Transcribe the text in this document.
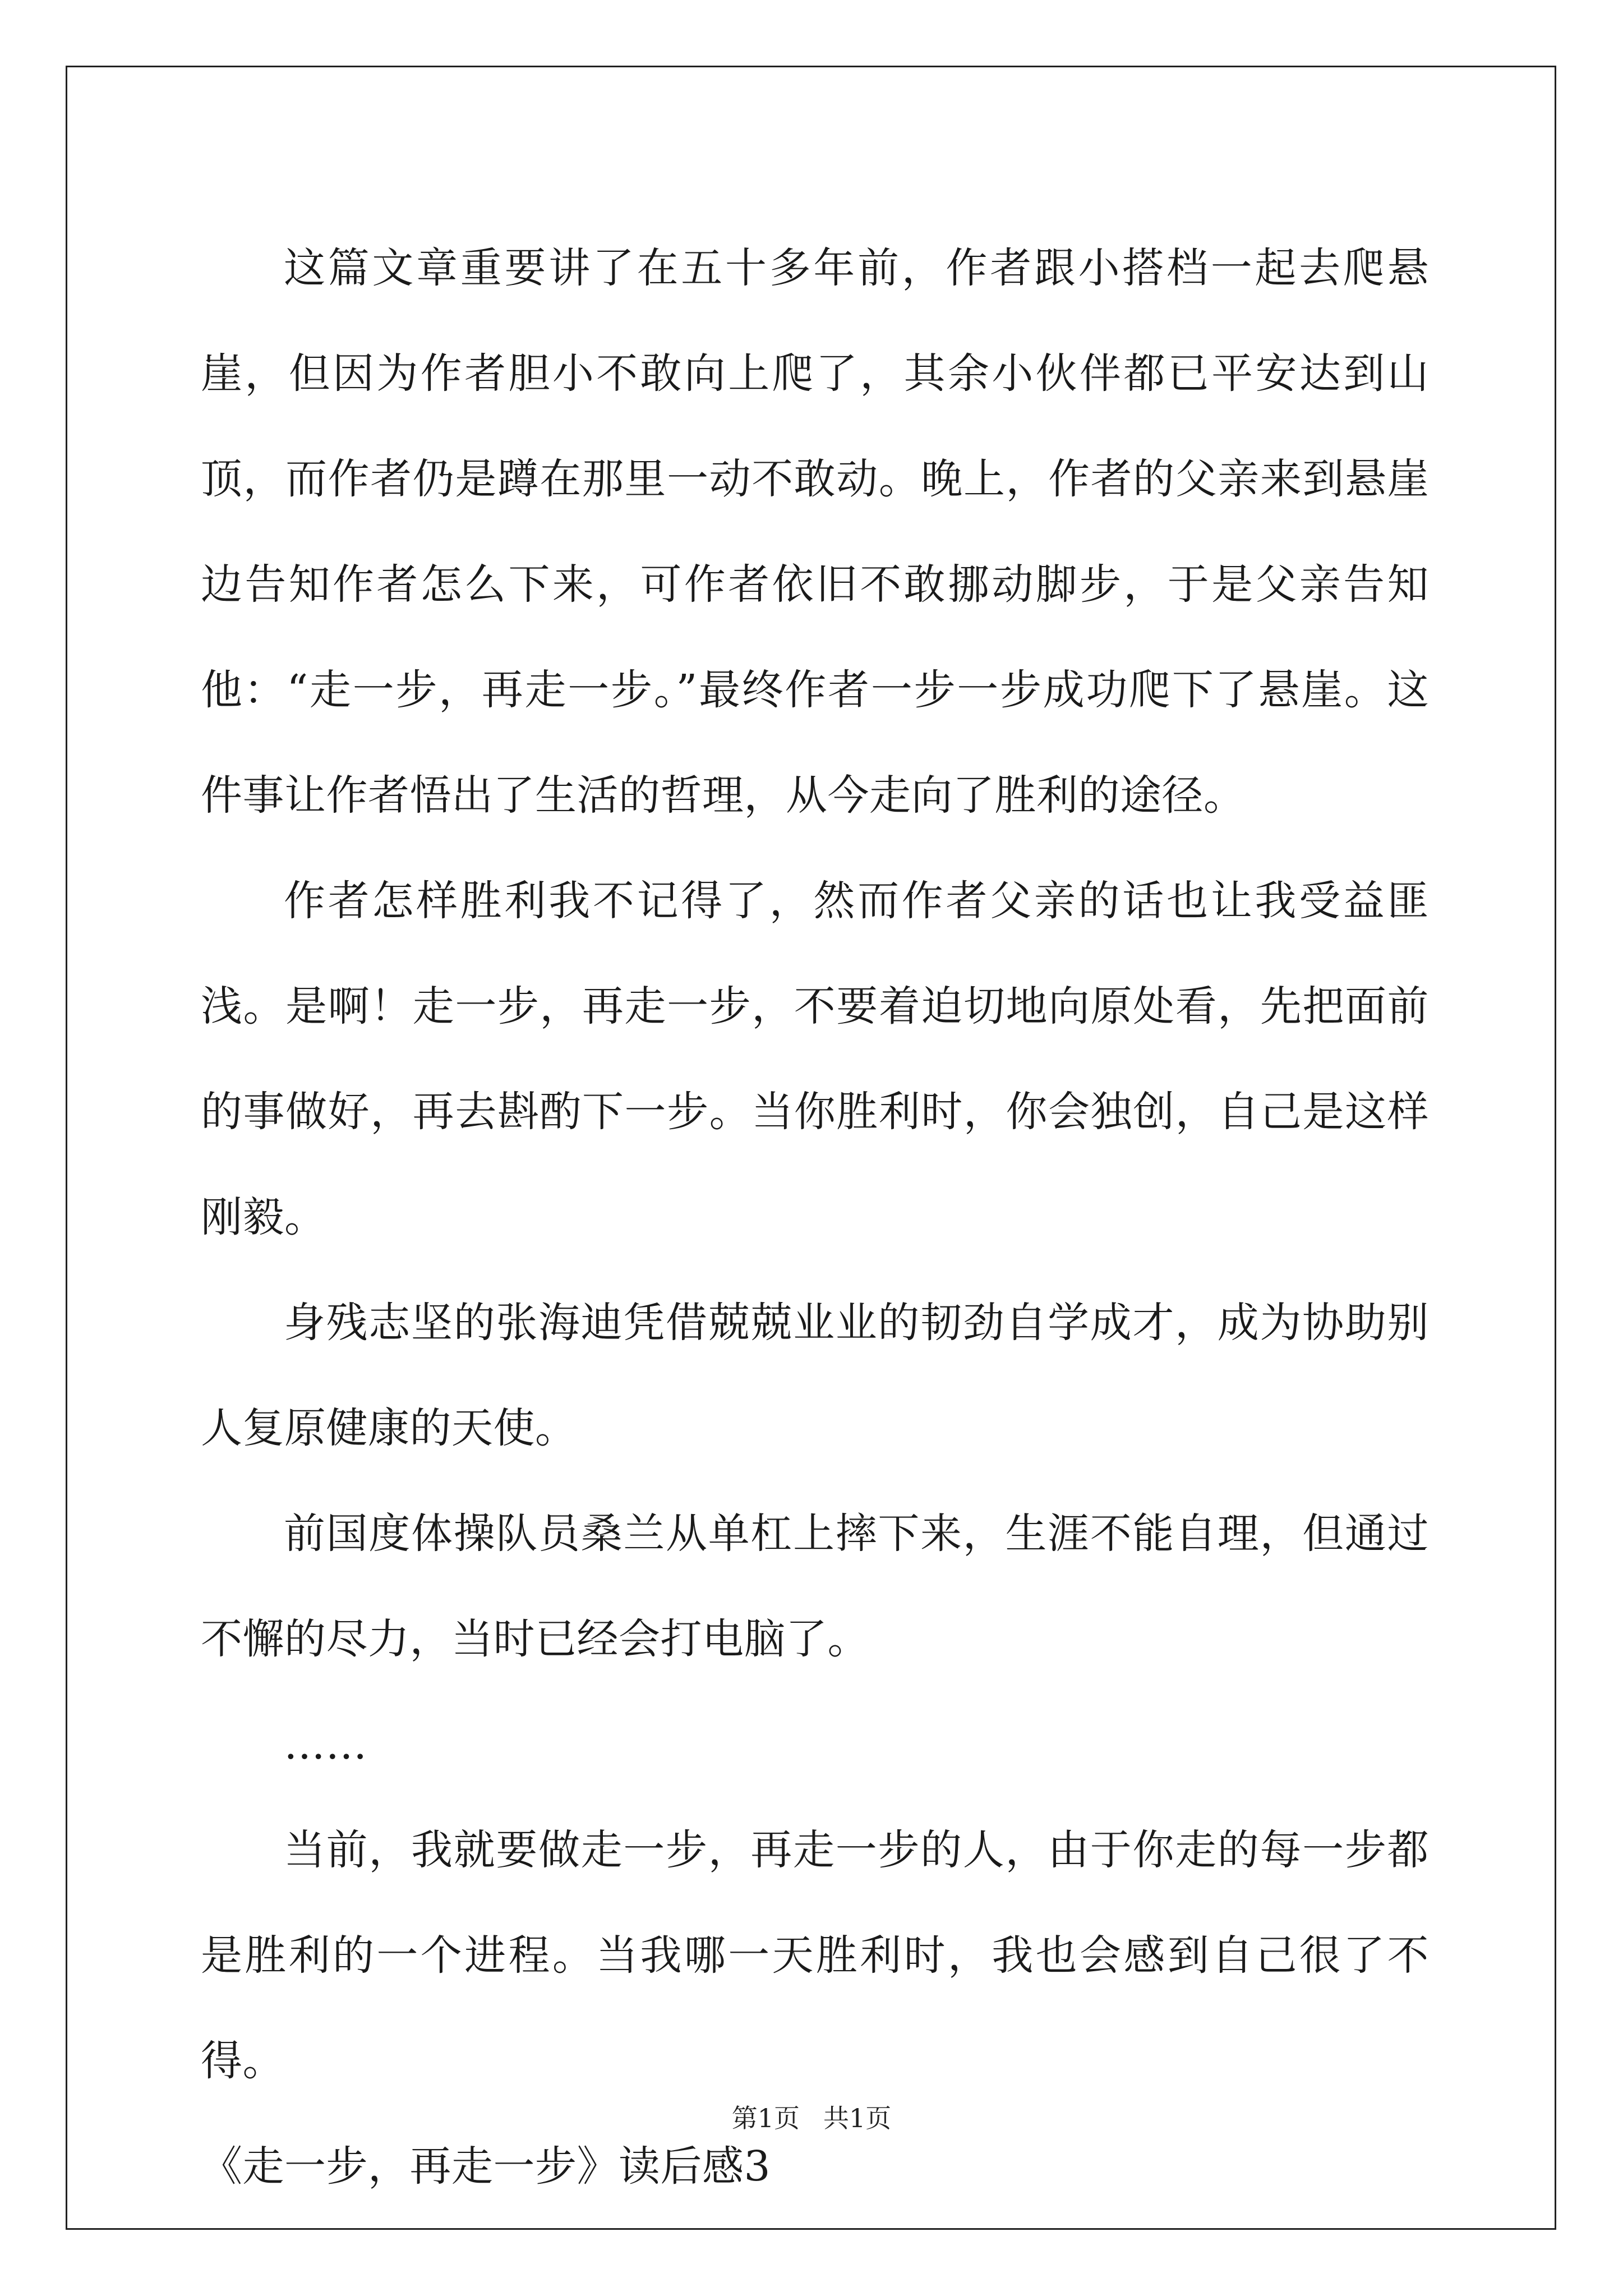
这篇文章重要讲了在五十多年前，作者跟小搭档一起去爬悬崖，但因为作者胆小不敢向上爬了，其余小伙伴都已平安达到山顶，而作者仍是蹲在那里一动不敢动。晚上，作者的父亲来到悬崖边告知作者怎么下来，可作者依旧不敢挪动脚步，于是父亲告知他：“走一步，再走一步。”最终作者一步一步成功爬下了悬崖。这件事让作者悟出了生活的哲理，从今走向了胜利的途径。

作者怎样胜利我不记得了，然而作者父亲的话也让我受益匪浅。是啊！走一步，再走一步，不要着迫切地向原处看，先把面前的事做好，再去斟酌下一步。当你胜利时，你会独创，自己是这样刚毅。

身残志坚的张海迪凭借兢兢业业的韧劲自学成才，成为协助别人复原健康的天使。

前国度体操队员桑兰从单杠上摔下来，生涯不能自理，但通过不懈的尽力，当时已经会打电脑了。

……

当前，我就要做走一步，再走一步的人，由于你走的每一步都是胜利的一个进程。当我哪一天胜利时，我也会感到自己很了不得。

《走一步，再走一步》读后感3

第1页 共1页
